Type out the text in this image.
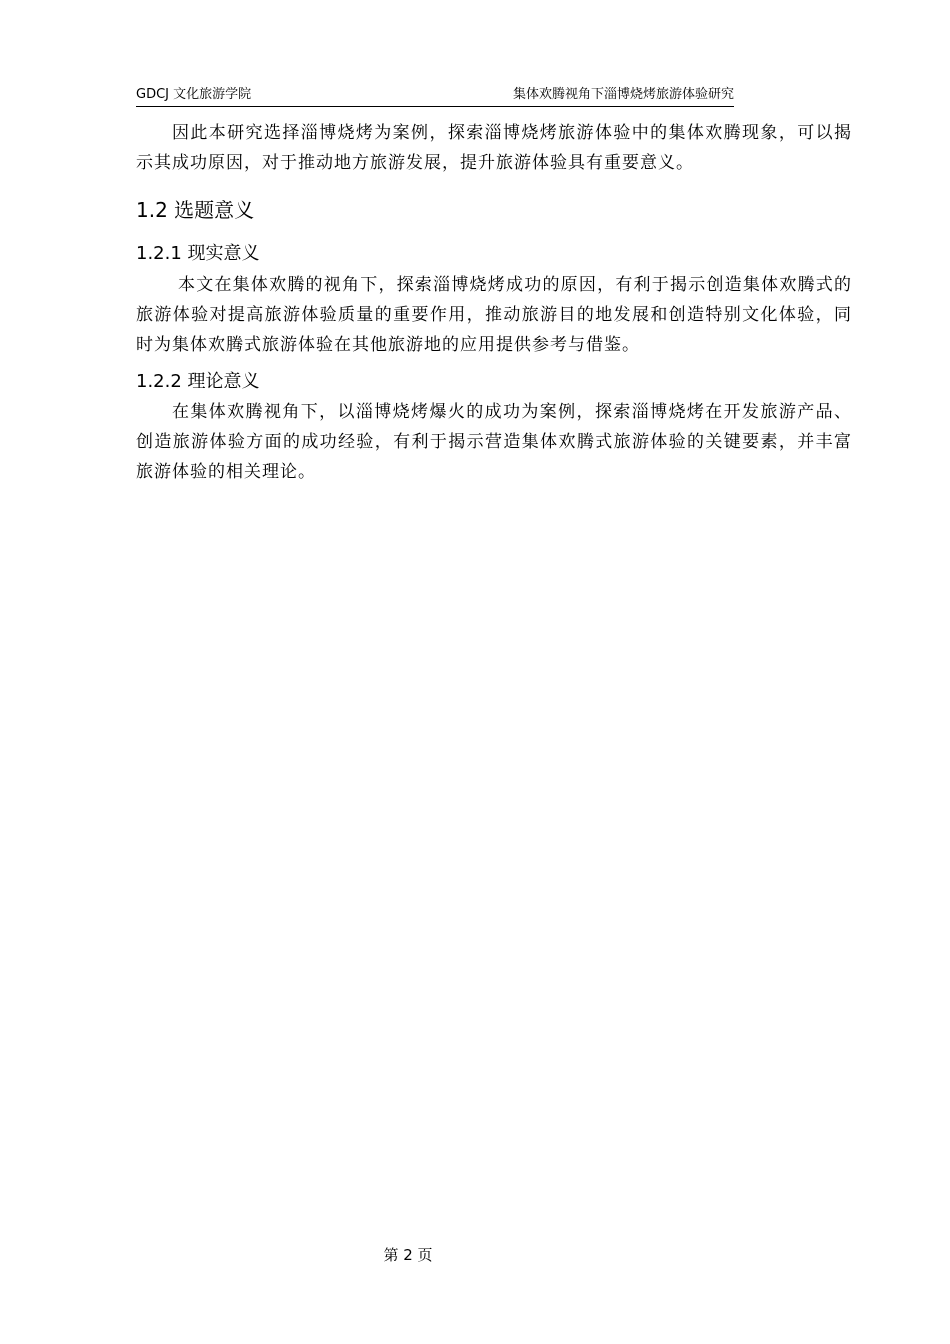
GDCJ 文化旅游学院	集体欢腾视角下淄博烧烤旅游体验研究

因此本研究选择淄博烧烤为案例，探索淄博烧烤旅游体验中的集体欢腾现象，可以揭示其成功原因，对于推动地方旅游发展，提升旅游体验具有重要意义。

1.2 选题意义
1.2.1 现实意义

本文在集体欢腾的视角下，探索淄博烧烤成功的原因，有利于揭示创造集体欢腾式的旅游体验对提高旅游体验质量的重要作用，推动旅游目的地发展和创造特别文化体验，同时为集体欢腾式旅游体验在其他旅游地的应用提供参考与借鉴。

1.2.2 理论意义

在集体欢腾视角下，以淄博烧烤爆火的成功为案例，探索淄博烧烤在开发旅游产品、创造旅游体验方面的成功经验，有利于揭示营造集体欢腾式旅游体验的关键要素，并丰富旅游体验的相关理论。

第 2 页
